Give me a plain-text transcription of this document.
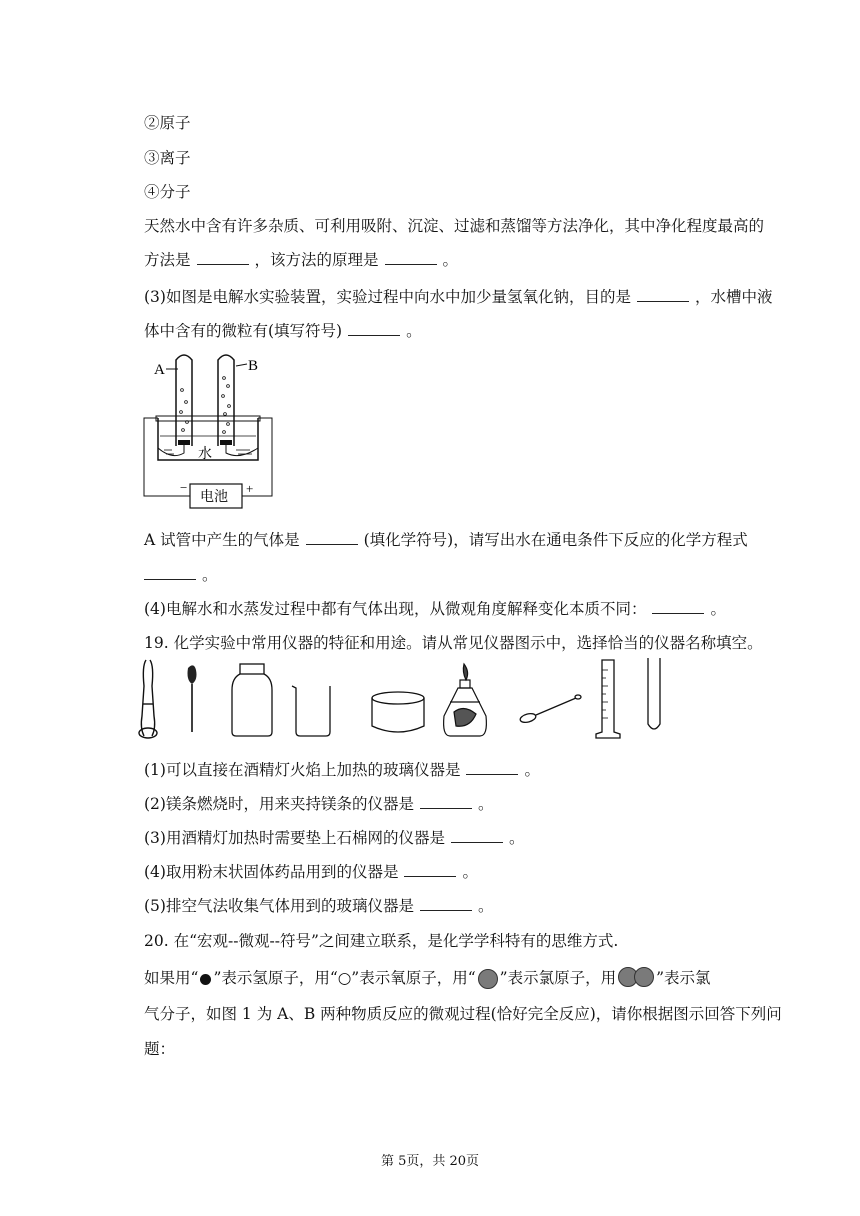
②原子
③离子
④分子
天然水中含有许多杂质、可利用吸附、沉淀、过滤和蒸馏等方法净化，其中净化程度最高的
方法是	，该方法的原理是	。
(3)如图是电解水实验装置，实验过程中向水中加少量氢氧化钠，目的是	，水槽中液
体中含有的微粒有(填写符号)	。
A	B
水
电池
−	+
A 试管中产生的气体是	(填化学符号)，请写出水在通电条件下反应的化学方程式
。
(4)电解水和水蒸发过程中都有气体出现，从微观角度解释变化本质不同：	。
19. 化学实验中常用仪器的特征和用途。请从常见仪器图示中，选择恰当的仪器名称填空。
(1)可以直接在酒精灯火焰上加热的玻璃仪器是	。
(2)镁条燃烧时，用来夹持镁条的仪器是	。
(3)用酒精灯加热时需要垫上石棉网的仪器是	。
(4)取用粉末状固体药品用到的仪器是	。
(5)排空气法收集气体用到的玻璃仪器是	。
20. 在“宏观--微观--符号”之间建立联系，是化学学科特有的思维方式.
如果用“ ”表示氢原子，用“○”表示氧原子，用“ ”表示氯原子，用	”表示氯
气分子，如图 1 为 A、B 两种物质反应的微观过程(恰好完全反应)，请你根据图示回答下列问
题：
第 5页，共 20页
